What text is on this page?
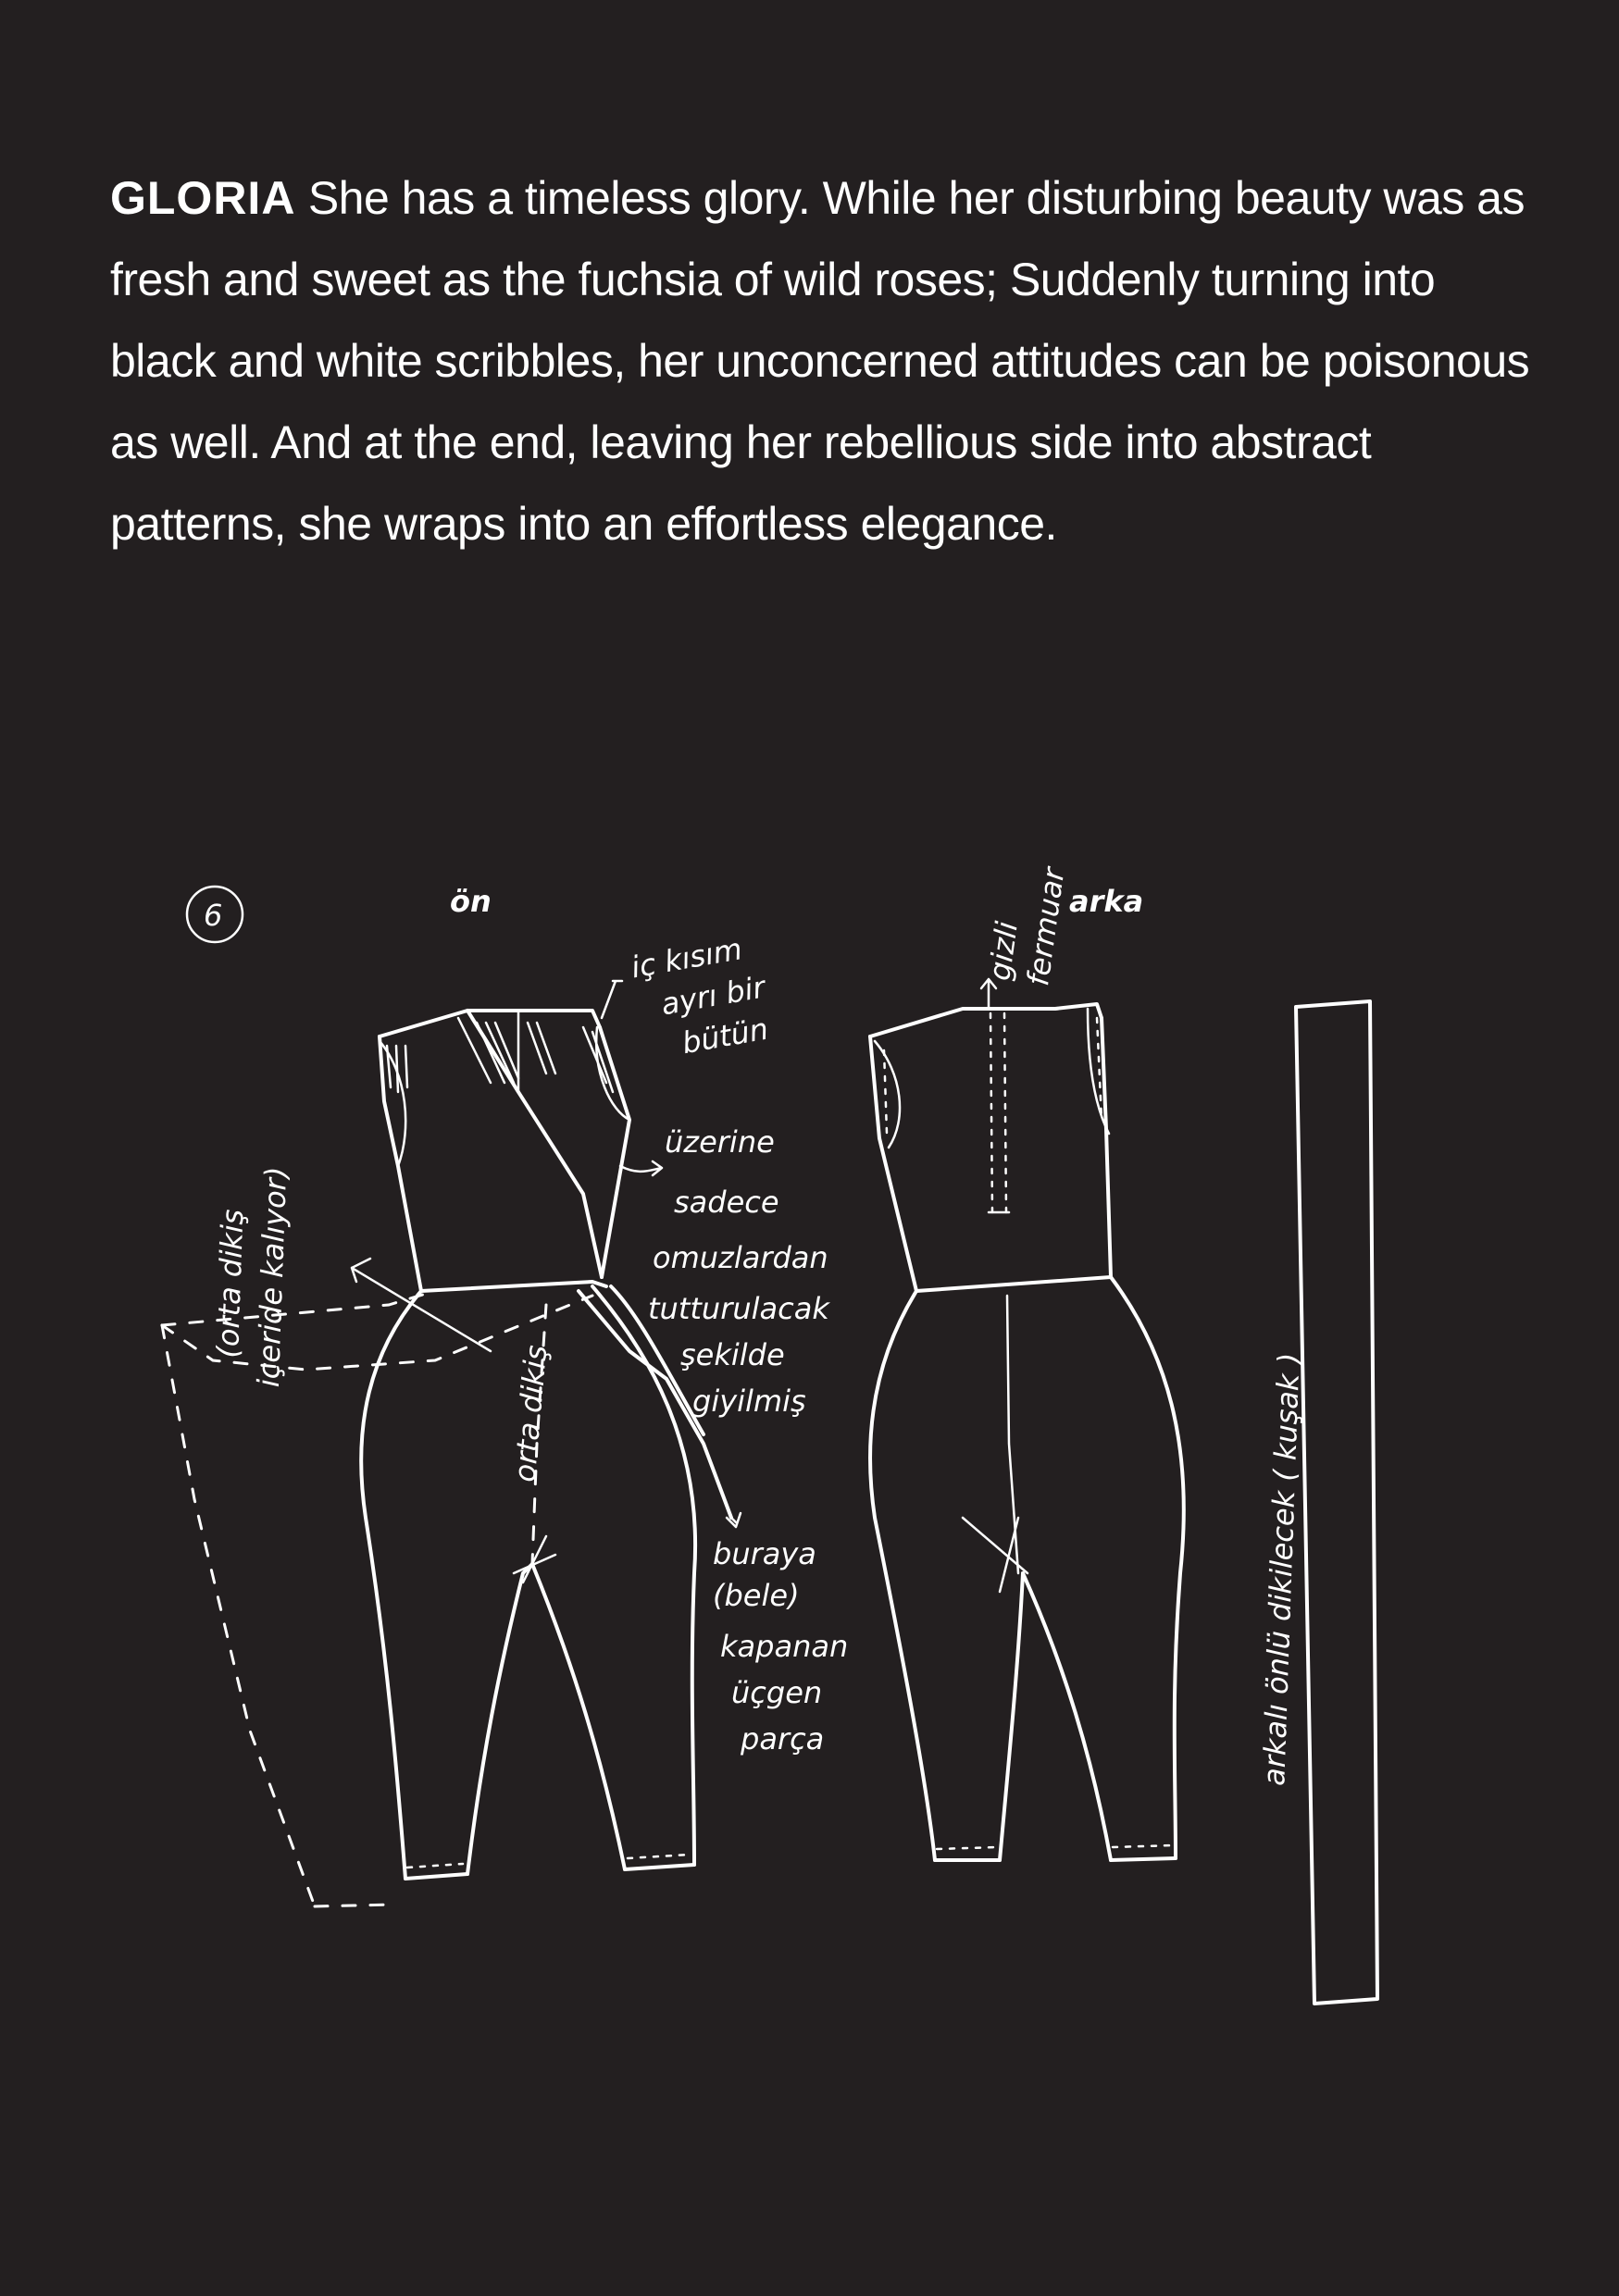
GLORIA She has a timeless glory. While her disturbing beauty was as fresh and sweet as the fuchsia of wild roses; Suddenly turning into black and white scribbles, her unconcerned attitudes can be poisonous as well. And at the end, leaving her rebellious side into abstract patterns, she wraps into an effortless elegance.

6	ön	arka
iç kısım
ayrı bir
bütün
üzerine
sadece
omuzlardan
tutturulacak
şekilde
giyilmiş
(orta dikiş içeride kalıyor)
orta dikiş
buraya
(bele)
kapanan
üçgen
parça
gizli
fermuar
arkalı önlü dikilecek ( kuşak )
